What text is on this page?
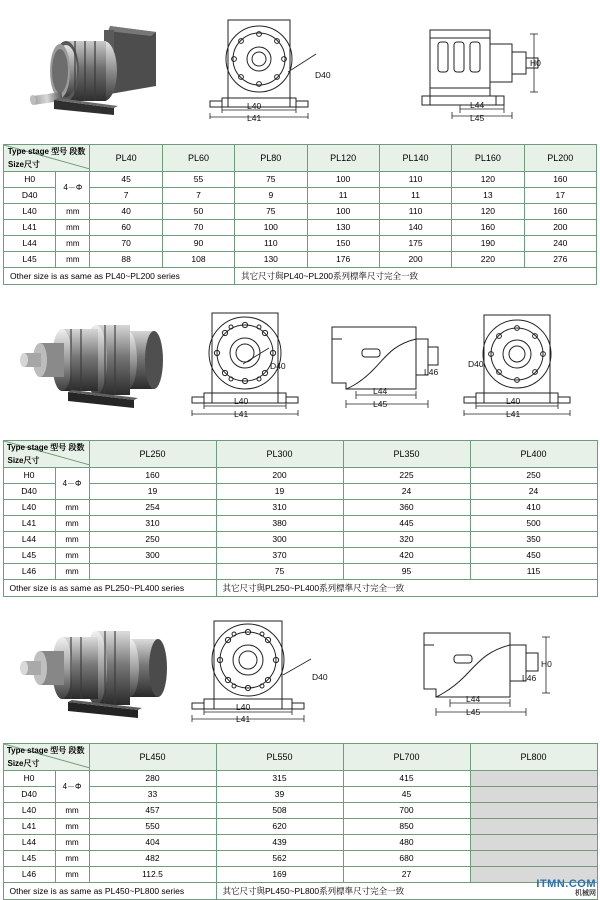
L40
L41
D40
L44
L45
H0
Type stage 型号 段数
Size尺寸		PL40	PL60	PL80	PL120	PL140	PL160	PL200
H0	4－Φ	45	55	75	100	110	120	160
D40		7	7	9	11	11	13	17
L40	mm	40	50	75	100	110	120	160
L41	mm	60	70	100	130	140	160	200
L44	mm	70	90	110	150	175	190	240
L45	mm	88	108	130	176	200	220	276
Other size is as same as PL40~PL200 series				其它尺寸與PL40~PL200系列標準尺寸完全一致				
L40
L41
D40
L44
L45
L46
L40
L41
D40
Type stage 型号 段数
Size尺寸		PL250	PL300	PL350	PL400
H0	4－Φ	160	200	225	250
D40		19	19	24	24
L40	mm	254	310	360	410
L41	mm	310	380	445	500
L44	mm	250	300	320	350
L45	mm	300	370	420	450
L46	mm		75	95	115
Other size is as same as PL250~PL400 series			其它尺寸與PL250~PL400系列標準尺寸完全一致		
L40
L41
D40
L44
L45
L46
H0
Type stage 型号 段数
Size尺寸		PL450	PL550	PL700	PL800
H0	4－Φ	280	315	415	
D40		33	39	45	
L40	mm	457	508	700	
L41	mm	550	620	850	
L44	mm	404	439	480	
L45	mm	482	562	680	
L46	mm	112.5	169	27	
Other size is as same as PL450~PL800 series			其它尺寸與PL450~PL800系列標準尺寸完全一致		
ITMN.COM
机械网
